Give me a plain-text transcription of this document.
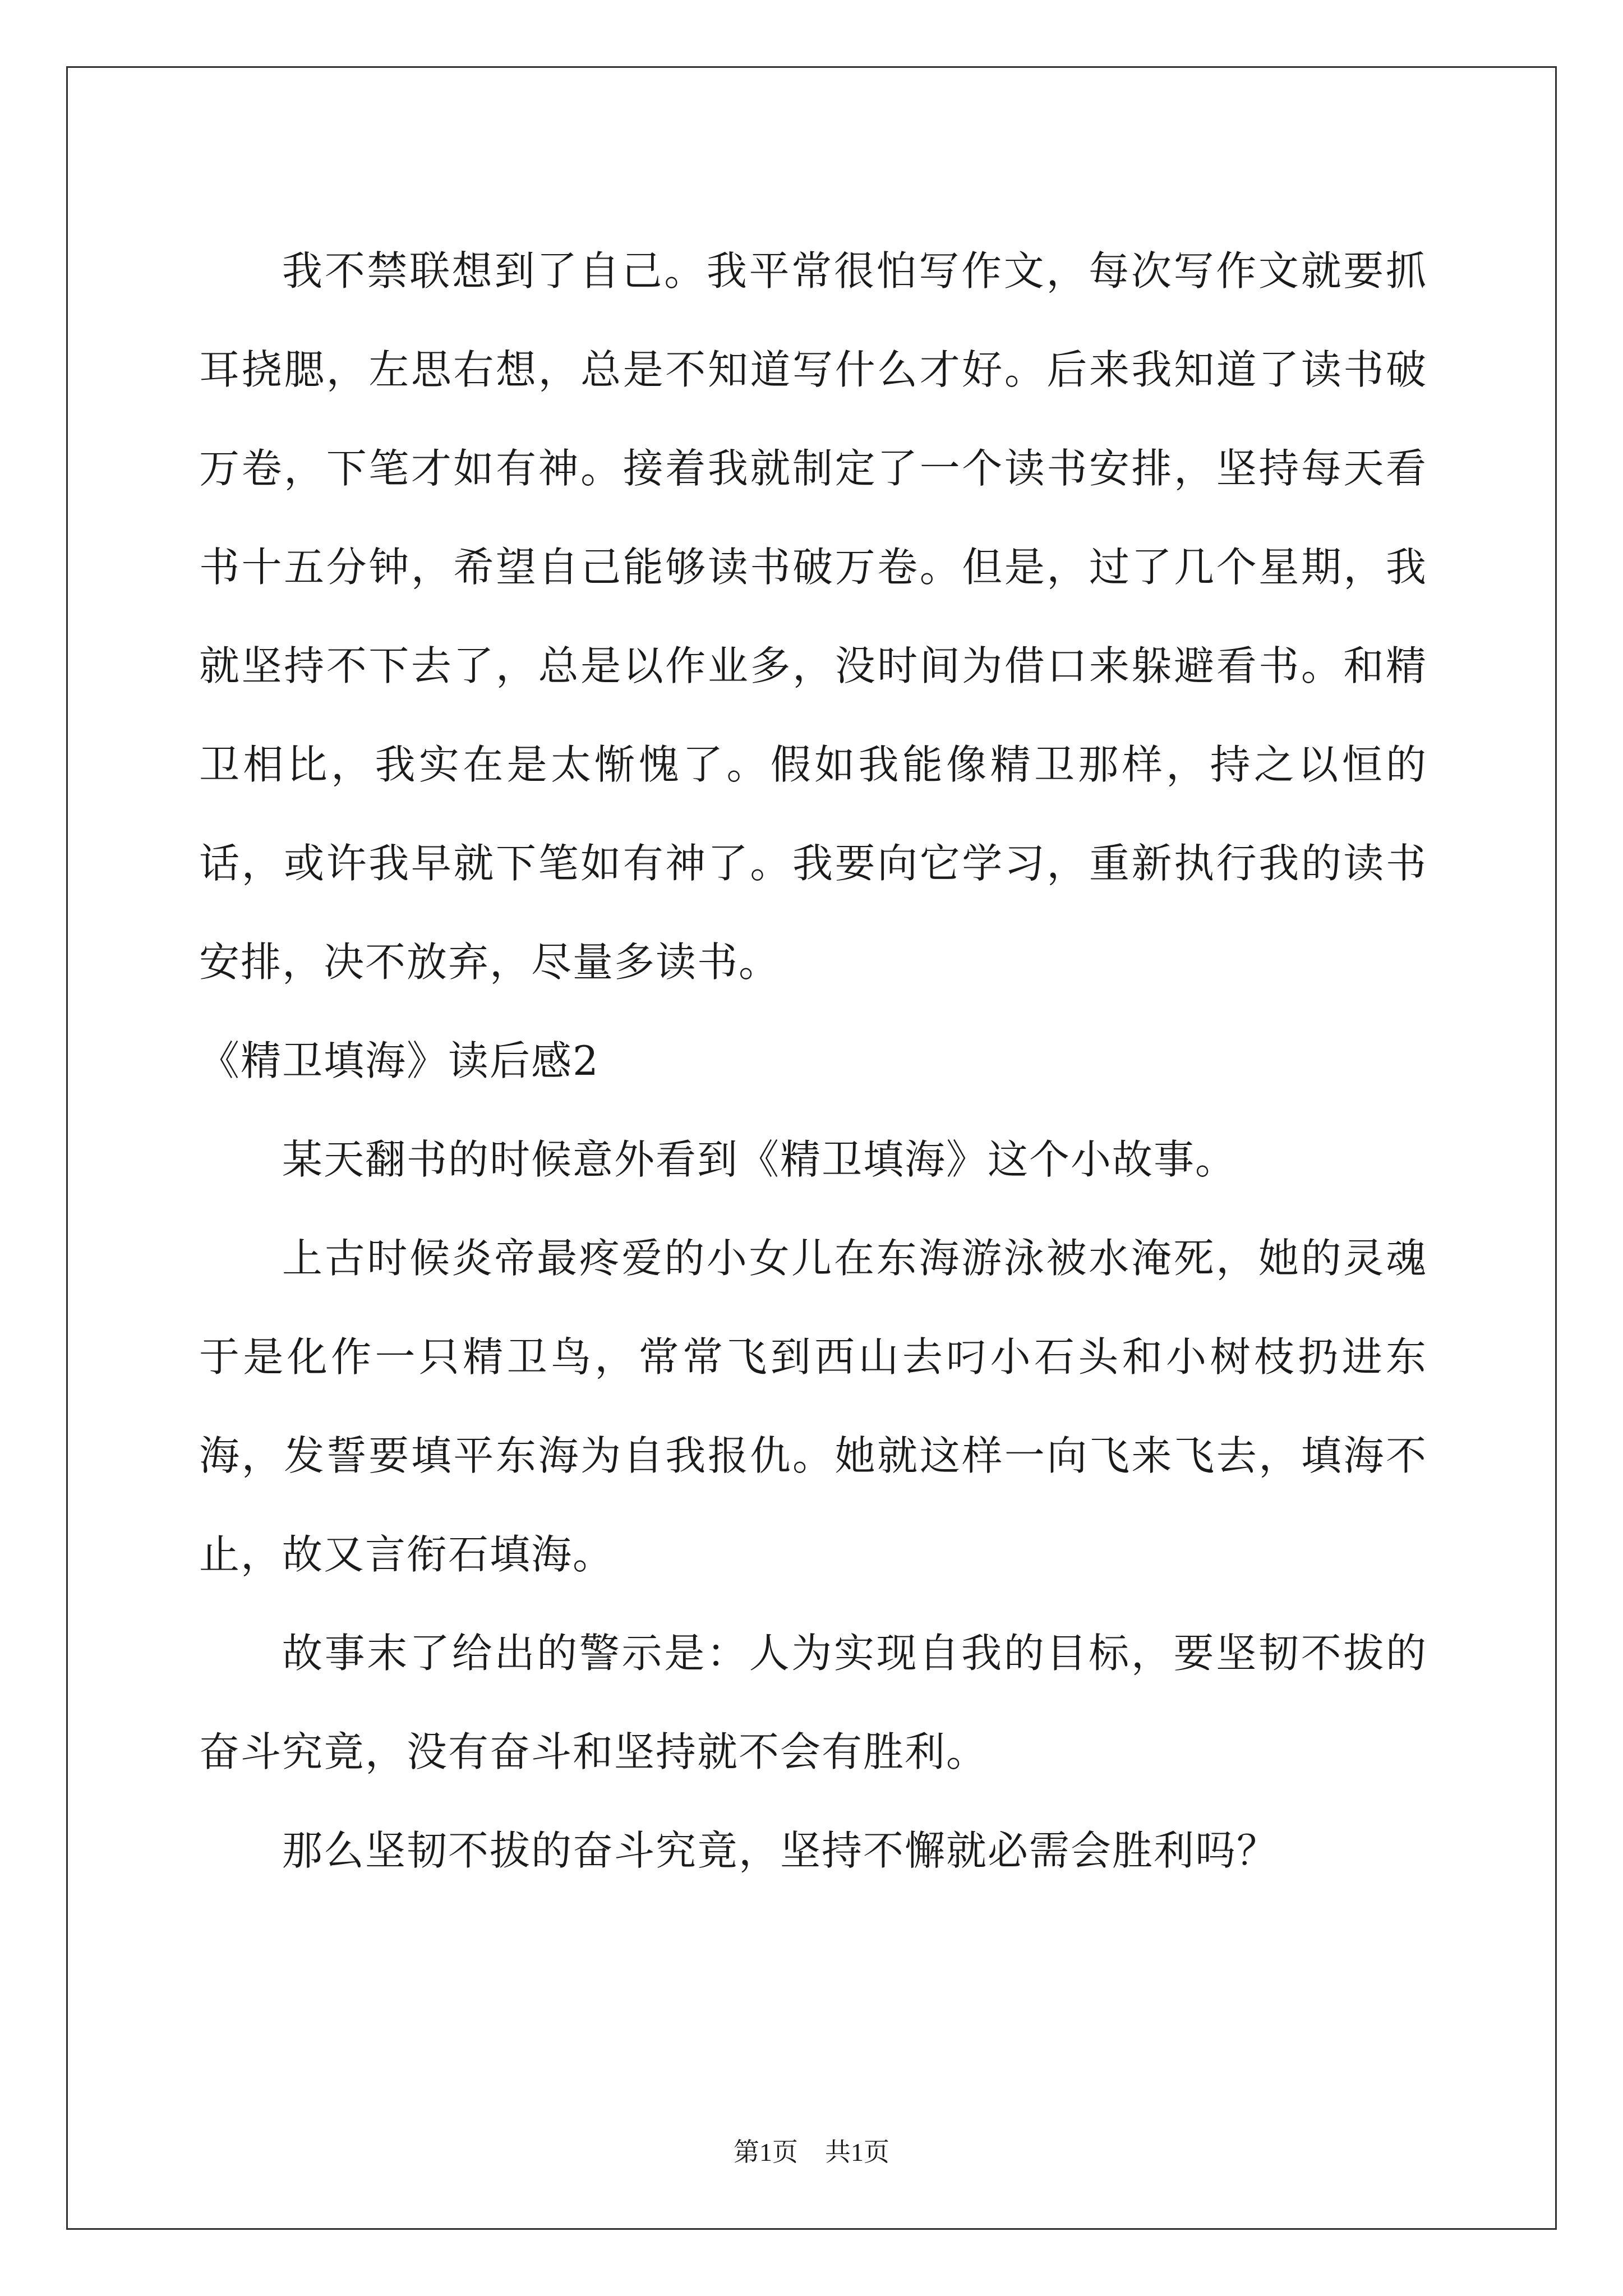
我不禁联想到了自己。我平常很怕写作文，每次写作文就要抓耳挠腮，左思右想，总是不知道写什么才好。后来我知道了读书破万卷，下笔才如有神。接着我就制定了一个读书安排，坚持每天看书十五分钟，希望自己能够读书破万卷。但是，过了几个星期，我就坚持不下去了，总是以作业多，没时间为借口来躲避看书。和精卫相比，我实在是太惭愧了。假如我能像精卫那样，持之以恒的话，或许我早就下笔如有神了。我要向它学习，重新执行我的读书安排，决不放弃，尽量多读书。

《精卫填海》读后感2

某天翻书的时候意外看到《精卫填海》这个小故事。

上古时候炎帝最疼爱的小女儿在东海游泳被水淹死，她的灵魂于是化作一只精卫鸟，常常飞到西山去叼小石头和小树枝扔进东海，发誓要填平东海为自我报仇。她就这样一向飞来飞去，填海不止，故又言衔石填海。

故事末了给出的警示是：人为实现自我的目标，要坚韧不拔的奋斗究竟，没有奋斗和坚持就不会有胜利。

那么坚韧不拔的奋斗究竟，坚持不懈就必需会胜利吗？

第1页 共1页
